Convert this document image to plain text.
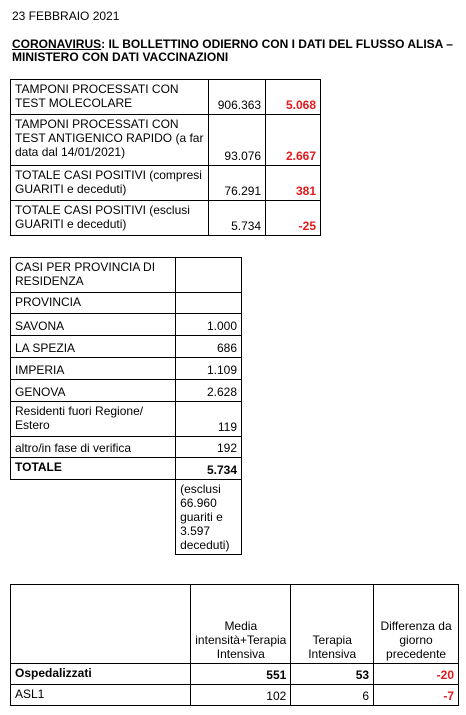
23 FEBBRAIO 2021
CORONAVIRUS: IL BOLLETTINO ODIERNO CON I DATI DEL FLUSSO ALISA – MINISTERO CON DATI VACCINAZIONI
TAMPONI PROCESSATI CON TEST MOLECOLARE	906.363	5.068
TAMPONI PROCESSATI CON TEST ANTIGENICO RAPIDO (a far data dal 14/01/2021)	93.076	2.667
TOTALE CASI POSITIVI (compresi GUARITI e deceduti)	76.291	381
TOTALE CASI POSITIVI (esclusi GUARITI e deceduti)	5.734	-25
CASI PER PROVINCIA DI RESIDENZA	
PROVINCIA	
SAVONA	1.000
LA SPEZIA	686
IMPERIA	1.109
GENOVA	2.628
Residenti fuori Regione/ Estero	119
altro/in fase di verifica	192
TOTALE	5.734
	(esclusi 66.960 guariti e 3.597 deceduti)
	Media intensità+Terapia Intensiva	Terapia Intensiva	Differenza da giorno precedente
Ospedalizzati	551	53	-20
ASL1	102	6	-7
